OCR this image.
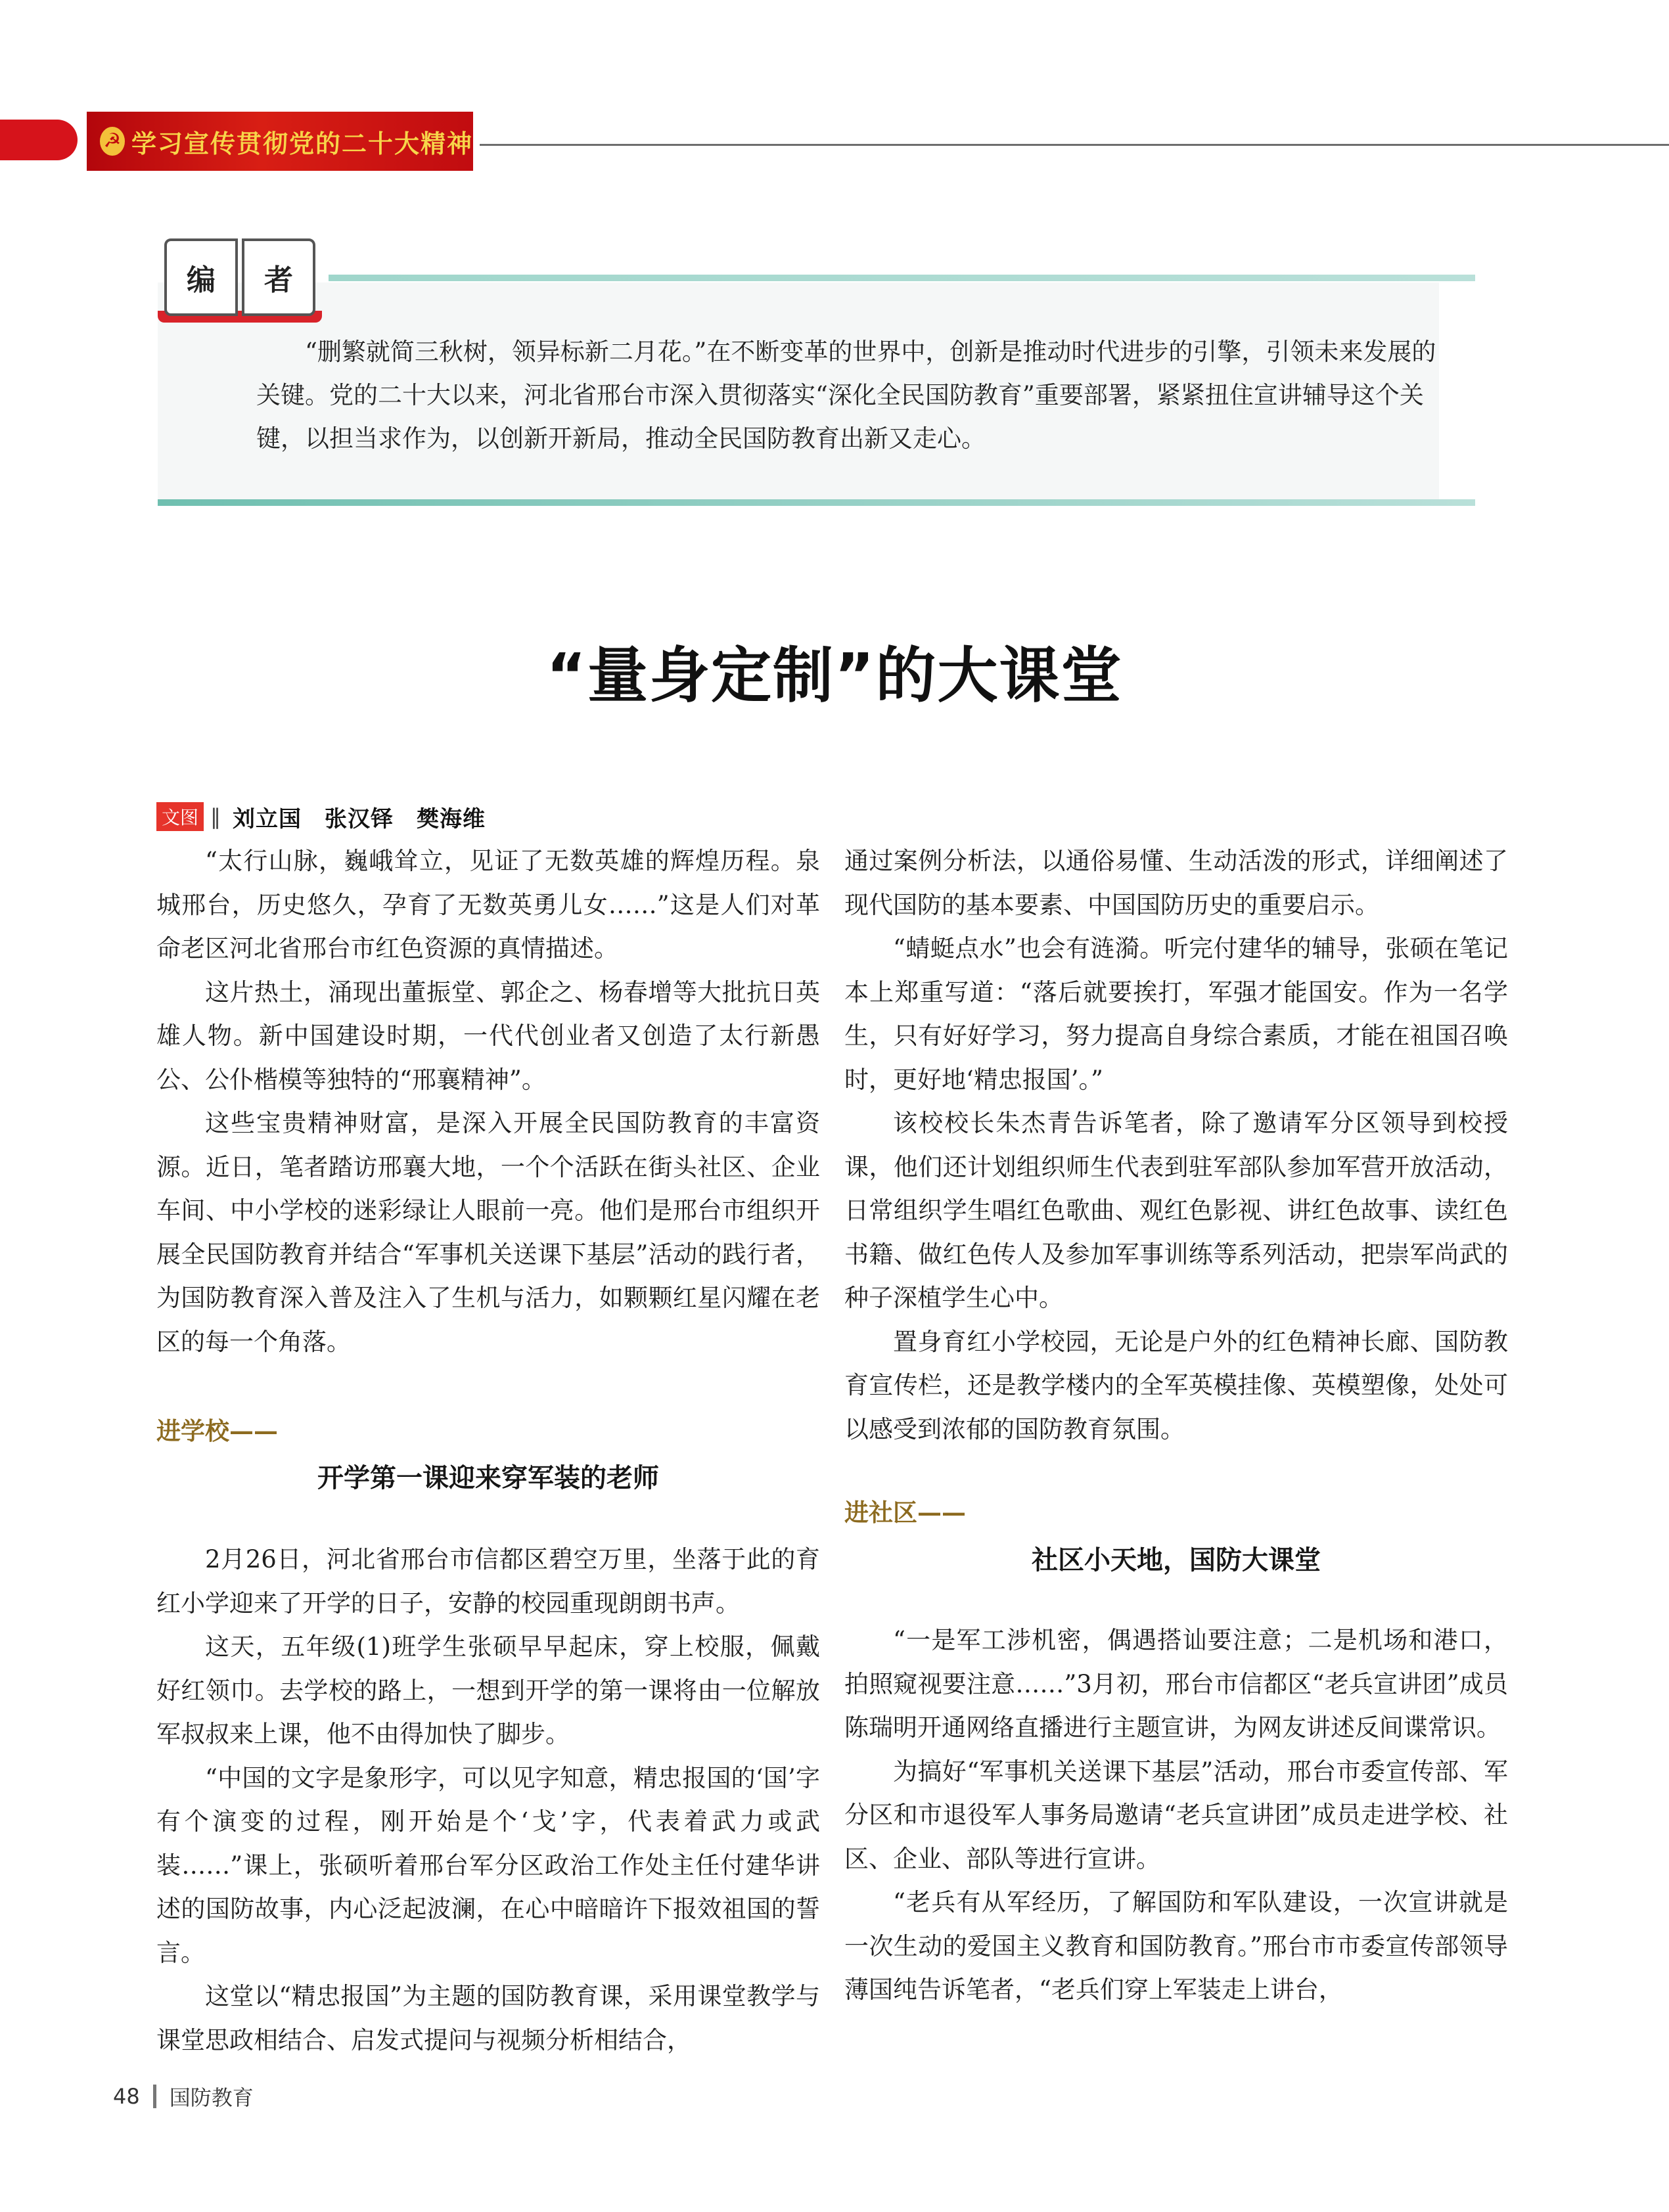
☭ 学习宣传贯彻党的二十大精神
编	者

“删繁就简三秋树，领异标新二月花。”在不断变革的世界中，创新是推动时代进步的引擎，引领未来发展的关键。党的二十大以来，河北省邢台市深入贯彻落实“深化全民国防教育”重要部署，紧紧扭住宣讲辅导这个关键，以担当求作为，以创新开新局，推动全民国防教育出新又走心。

“量身定制”的大课堂
文图 ‖ 刘立国　张汉铎　樊海维

“太行山脉，巍峨耸立，见证了无数英雄的辉煌历程。泉城邢台，历史悠久，孕育了无数英勇儿女……”这是人们对革命老区河北省邢台市红色资源的真情描述。

这片热土，涌现出董振堂、郭企之、杨春增等大批抗日英雄人物。新中国建设时期，一代代创业者又创造了太行新愚公、公仆楷模等独特的“邢襄精神”。

这些宝贵精神财富，是深入开展全民国防教育的丰富资源。近日，笔者踏访邢襄大地，一个个活跃在街头社区、企业车间、中小学校的迷彩绿让人眼前一亮。他们是邢台市组织开展全民国防教育并结合“军事机关送课下基层”活动的践行者，为国防教育深入普及注入了生机与活力，如颗颗红星闪耀在老区的每一个角落。

进学校——
开学第一课迎来穿军装的老师

2月26日，河北省邢台市信都区碧空万里，坐落于此的育红小学迎来了开学的日子，安静的校园重现朗朗书声。

这天，五年级(1)班学生张硕早早起床，穿上校服，佩戴好红领巾。去学校的路上，一想到开学的第一课将由一位解放军叔叔来上课，他不由得加快了脚步。

“中国的文字是象形字，可以见字知意，精忠报国的‘国’字有个演变的过程，刚开始是个‘戈’字，代表着武力或武装……”课上，张硕听着邢台军分区政治工作处主任付建华讲述的国防故事，内心泛起波澜，在心中暗暗许下报效祖国的誓言。

这堂以“精忠报国”为主题的国防教育课，采用课堂教学与课堂思政相结合、启发式提问与视频分析相结合，

通过案例分析法，以通俗易懂、生动活泼的形式，详细阐述了现代国防的基本要素、中国国防历史的重要启示。

“蜻蜓点水”也会有涟漪。听完付建华的辅导，张硕在笔记本上郑重写道：“落后就要挨打，军强才能国安。作为一名学生，只有好好学习，努力提高自身综合素质，才能在祖国召唤时，更好地‘精忠报国’。”

该校校长朱杰青告诉笔者，除了邀请军分区领导到校授课，他们还计划组织师生代表到驻军部队参加军营开放活动，日常组织学生唱红色歌曲、观红色影视、讲红色故事、读红色书籍、做红色传人及参加军事训练等系列活动，把崇军尚武的种子深植学生心中。

置身育红小学校园，无论是户外的红色精神长廊、国防教育宣传栏，还是教学楼内的全军英模挂像、英模塑像，处处可以感受到浓郁的国防教育氛围。

进社区——
社区小天地，国防大课堂

“一是军工涉机密，偶遇搭讪要注意；二是机场和港口，拍照窥视要注意……”3月初，邢台市信都区“老兵宣讲团”成员陈瑞明开通网络直播进行主题宣讲，为网友讲述反间谍常识。

为搞好“军事机关送课下基层”活动，邢台市委宣传部、军分区和市退役军人事务局邀请“老兵宣讲团”成员走进学校、社区、企业、部队等进行宣讲。

“老兵有从军经历，了解国防和军队建设，一次宣讲就是一次生动的爱国主义教育和国防教育。”邢台市市委宣传部领导薄国纯告诉笔者，“老兵们穿上军装走上讲台，

48 国防教育
